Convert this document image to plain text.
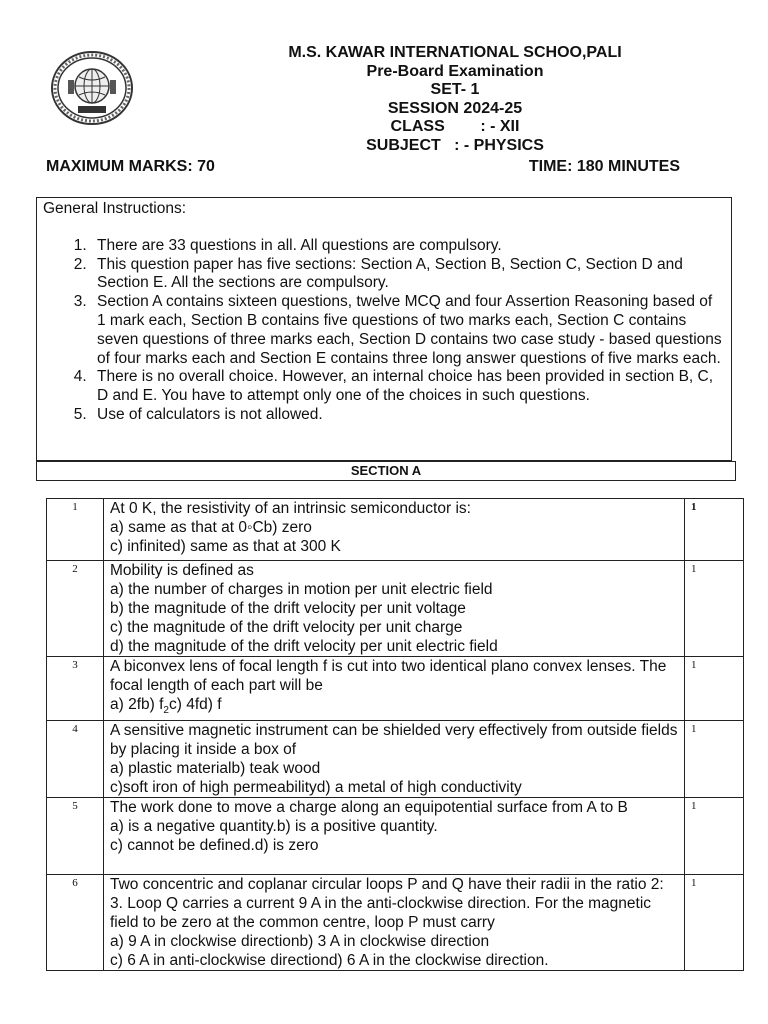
M.S. KAWAR INTERNATIONAL SCHOO,PALI
Pre-Board Examination
SET- 1
SESSION 2024-25
CLASS        : - XII
SUBJECT   : - PHYSICS
MAXIMUM MARKS: 70	TIME: 180 MINUTES
General Instructions:
1. There are 33 questions in all. All questions are compulsory.
2. This question paper has five sections: Section A, Section B, Section C, Section D and Section E. All the sections are compulsory.
3. Section A contains sixteen questions, twelve MCQ and four Assertion Reasoning based of 1 mark each, Section B contains five questions of two marks each, Section C contains seven questions of three marks each, Section D contains two case study - based questions of four marks each and Section E contains three long answer questions of five marks each.
4. There is no overall choice. However, an internal choice has been provided in section B, C, D and E. You have to attempt only one of the choices in such questions.
5. Use of calculators is not allowed.
SECTION A
1	At 0 K, the resistivity of an intrinsic semiconductor is:
a) same as that at 0◦Cb) zero
c) infinited) same as that at 300 K	1
2	Mobility is defined as
a) the number of charges in motion per unit electric field
b) the magnitude of the drift velocity per unit voltage
c) the magnitude of the drift velocity per unit charge
d) the magnitude of the drift velocity per unit electric field	1
3	A biconvex lens of focal length f is cut into two identical plano convex lenses. The focal length of each part will be
a) 2fb) $f_2c$) 4fd) f	1
4	A sensitive magnetic instrument can be shielded very effectively from outside fields by placing it inside a box of
a) plastic materialb) teak wood
c)soft iron of high permeabilityd) a metal of high conductivity	1
5	The work done to move a charge along an equipotential surface from A to B
a) is a negative quantity.b) is a positive quantity.
c) cannot be defined.d) is zero	1
6	Two concentric and coplanar circular loops P and Q have their radii in the ratio 2: 3. Loop Q carries a current 9 A in the anti-clockwise direction. For the magnetic field to be zero at the common centre, loop P must carry
a) 9 A in clockwise directionb) 3 A in clockwise direction
c) 6 A in anti-clockwise directiond) 6 A in the clockwise direction.	1
